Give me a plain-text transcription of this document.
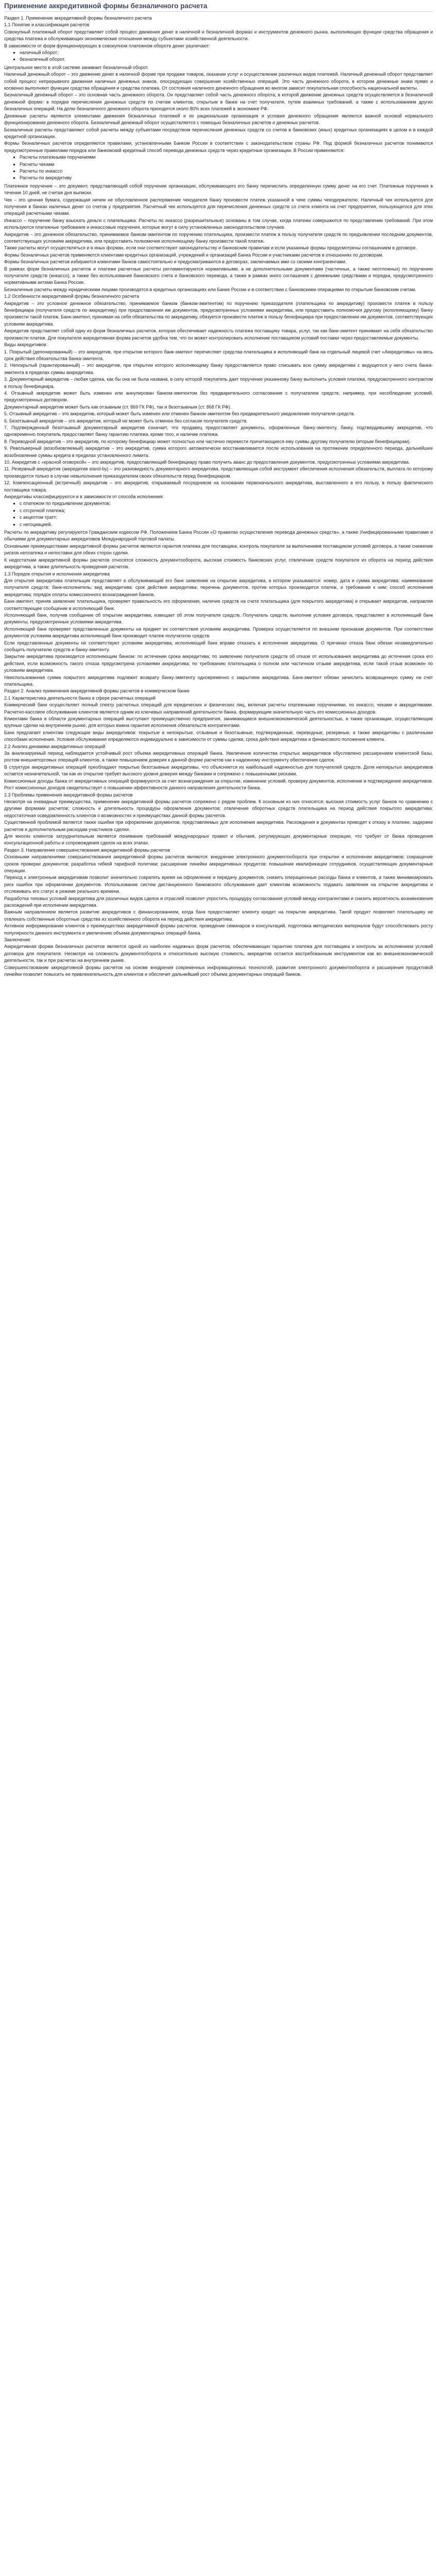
Применение аккредитивной формы безналичного расчета

Раздел 1. Применение аккредитивной формы безналичного расчета

1.1 Понятие и классификация расчетов

Совокупный платежный оборот представляет собой процесс движения денег в наличной и безналичной формах и инструментов денежного рынка, выполняющих функции средства обращения и средства платежа и обслуживающих экономические отношения между субъектами хозяйственной деятельности.

В зависимости от форм функционирующих в совокупном платежном обороте денег различают:

▪ наличный оборот;
▪ безналичный оборот.

Центральное место в этой системе занимает безналичный оборот.

Наличный денежный оборот – это движение денег в наличной форме при продаже товаров, оказании услуг и осуществлении различных видов платежей. Наличный денежный оборот представляет собой процесс непрерывного движения наличных денежных знаков, опосредующих совершение хозяйственных операций. Это часть денежного оборота, в котором денежные знаки прямо и косвенно выполняют функции средства обращения и средства платежа. От состояния наличного денежного обращения во многом зависит покупательная способность национальной валюты.

Безналичный денежный оборот – это основная часть денежного оборота. Он представляет собой часть денежного оборота, в которой движение денежных средств осуществляется в безналичной денежной форме: в порядке перечисления денежных средств по счетам клиентов, открытым в банке на счет получателя, путем взаимных требований, а также с использованием других безналичных операций. На долю безналичного денежного оборота приходится около 80% всех платежей в экономике РФ.

Денежные расчеты являются элементами движения безналичных платежей и их рациональная организация и условия денежного обращения являются важной основой нормального функционирования денежного оборота. Безналичный денежный оборот осуществляется с помощью безналичных расчетов и денежных расчетов.

Безналичные расчеты представляют собой расчеты между субъектами посредством перечисления денежных средств со счетов в банковских (иных) кредитных организациях в целом и в каждой кредитной организации.

Формы безналичных расчетов определяются правилами, установленными Банком России в соответствии с законодательством страны РФ. Под формой безналичных расчетов понимаются предусмотренные правилами порядок или банковский кредитный способ перевода денежных средств через кредитные организации. В России применяются:

▪ Расчеты платежными поручениями
▪ Расчеты чеками
▪ Расчеты по инкассо
▪ Расчеты по аккредитиву

Платежное поручение – это документ, представляющий собой поручение организации, обслуживающего его банку перечислить определенную сумму денег на его счет. Платежные поручения в течение 10 дней, не считая дня выписки.

Чек – это ценная бумага, содержащая ничем не обусловленное распоряжение чекодателя банку произвести платеж указанной в чеке суммы чекодержателю. Наличный чек используется для получения в банках наличных денег со счетов у предприятия. Расчетный чек используется для перечисления денежных средств со счета клиента на счет предприятия, пользующегося для этих операций расчетными чеками.

Инкассо – поручение банку взыскать деньги с плательщика. Расчеты по инкассо (разрешительные) основаны в том случае, когда платежи совершаются по представлении требований. При этом используются платежные требования и инкассовые поручения, которые могут в силу установленных законодательством случаев.

Аккредитив – это денежное обязательство, принимаемое банком-эмитентом по поручению плательщика, произвести платеж в пользу получателя средств по предъявлении последним документов, соответствующих условиям аккредитива, или предоставить полномочия исполняющему банку произвести такой платеж.

Также расчеты могут осуществляться и в иных формах, если они соответствуют законодательству и банковским правилам и если указанные формы предусмотрены соглашением в договоре.

Формы безналичных расчетов применяются клиентами кредитных организаций, учреждений и организаций Банка России и участниками расчетов в отношениях по договорам.

Формы безналичных расчетов избираются клиентами банков самостоятельно и предусматриваются в договорах, заключаемых ими со своими контрагентами.

В рамках форм безналичных расчетов и платежи расчетные расчеты регламентируются нормативными, а не дополнительными документами (частичных, а также неотложных) по поручению получателя средств (инкассо), а также без использования банковского счета и банковского перевода, а также в рамках иного соглашения с денежными средствами и порядка, предусмотренного нормативными актами Банка России.

Безналичные расчеты между юридическими лицами производятся в кредитных организациях или Банке России и в соответствии с банковскими операциями по открытым банковским счетам.

1.2 Особенности аккредитивной формы безналичного расчета

Аккредитив – это условное денежное обязательство, принимаемое банком (банком-эмитентом) по поручению приказодателя (плательщика по аккредитиву) произвести платеж в пользу бенефициара (получателя средств по аккредитиву) при предоставлении им документов, предусмотренных условиями аккредитива, или предоставить полномочия другому (исполняющему) банку произвести такой платеж. Банк-эмитент, принимая на себя обязательства по аккредитиву, обязуется произвести платеж в пользу бенефициара при предоставлении им документов, соответствующих условиям аккредитива.

Аккредитив представляет собой одну из форм безналичных расчетов, которая обеспечивает надежность платежа поставщику товара, услуг, так как банк-эмитент принимает на себя обязательство произвести платеж. Для покупателя аккредитивная форма расчетов удобна тем, что он может контролировать исполнение поставщиком условий поставки через предоставляемые документы.

Виды аккредитивов:

1. Покрытый (депонированный) – это аккредитив, при открытии которого банк-эмитент перечисляет средства плательщика в исполняющий банк на отдельный лицевой счет «Аккредитивы» на весь срок действия обязательства банка-эмитента.

2. Непокрытый (гарантированный) – это аккредитив, при открытии которого исполняющему банку предоставляется право списывать всю сумму аккредитива с ведущегося у него счета банка-эмитента в пределах суммы аккредитива.

3. Документарный аккредитив – любая сделка, как бы она ни была названа, в силу которой покупатель дает поручение указанному банку выполнить условия платежа, предусмотренного контрактом в пользу бенефициара.

4. Отзывный аккредитив может быть изменен или аннулирован банком-эмитентом без предварительного согласования с получателем средств, например, при несоблюдении условий, предусмотренных договором.

Документарный аккредитив может быть как отзывным (ст. 869 ГК РФ), так и безотзывным (ст. 868 ГК РФ).

5. Отзывный аккредитив – это аккредитив, который может быть изменен или отменен банком-эмитентом без предварительного уведомления получателя средств.

6. Безотзывный аккредитив – это аккредитив, который не может быть отменен без согласия получателя средств.

7. Подтвержденный безотзывный документарный аккредитив означает, что продавец предоставляет документы, оформленные банку-эмитенту, банку, подтвердившему аккредитив, что одновременно покупатель предоставляет банку гарантию платежа, кроме того, и наличие платежа.

8. Переводной аккредитив – это аккредитив, по которому бенефициар может полностью или частично перевести причитающиеся ему суммы другому получателю (вторым бенефициарам).

9. Револьверный (возобновляемый) аккредитив – это аккредитив, сумма которого автоматически восстанавливается после использования на протяжении определенного периода, дальнейшее возобновление суммы кредита в пределах установленного лимита.

10. Аккредитив с «красной оговоркой» – это аккредитив, предоставляющий бенефициару право получить аванс до предоставления документов, предусмотренных условиями аккредитива.

11. Резервный аккредитив (аккредитив stand-by) – это разновидность документарного аккредитива, представляющая собой инструмент обеспечения исполнения обязательств, выплата по которому производится только в случае невыполнения приказодателем своих обязательств перед бенефициаром.

12. Компенсационный (встречный) аккредитив – это аккредитив, открываемый посредником на основании первоначального аккредитива, выставленного в его пользу, в пользу фактического поставщика товара.

Аккредитивы классифицируются и в зависимости от способа исполнения:

▪ с платежом по предъявлении документов;
▪ с отсрочкой платежа;
▪ с акцептом тратт;
▪ с негоциацией.

Расчеты по аккредитиву регулируются Гражданским кодексом РФ, Положением Банка России «О правилах осуществления перевода денежных средств», а также Унифицированными правилами и обычаями для документарных аккредитивов Международной торговой палаты.

Основными преимуществами аккредитивной формы расчетов являются гарантия платежа для поставщика, контроль покупателя за выполнением поставщиком условий договора, а также снижение рисков неплатежа и непоставки для обеих сторон сделки.

К недостаткам аккредитивной формы расчетов относятся сложность документооборота, высокая стоимость банковских услуг, отвлечение средств покупателя из оборота на период действия аккредитива, а также длительность проведения расчетов.

1.3 Порядок открытия и исполнения аккредитива

Для открытия аккредитива плательщик представляет в обслуживающий его банк заявление на открытие аккредитива, в котором указываются: номер, дата и сумма аккредитива; наименование получателя средств; банк-исполнитель; вид аккредитива; срок действия аккредитива; перечень документов, против которых производится платеж, и требования к ним; способ исполнения аккредитива; порядок оплаты комиссионного вознаграждения банков.

Банк-эмитент, приняв заявление плательщика, проверяет правильность его оформления, наличие средств на счете плательщика (для покрытого аккредитива) и открывает аккредитив, направляя соответствующее сообщение в исполняющий банк.

Исполняющий банк, получив сообщение об открытии аккредитива, извещает об этом получателя средств. Получатель средств, выполнив условия договора, представляет в исполняющий банк документы, предусмотренные условиями аккредитива.

Исполняющий банк проверяет представленные документы на предмет их соответствия условиям аккредитива. Проверка осуществляется по внешним признакам документов. При соответствии документов условиям аккредитива исполняющий банк производит платеж получателю средств.

Если представленные документы не соответствуют условиям аккредитива, исполняющий банк вправе отказать в исполнении аккредитива. О причинах отказа банк обязан незамедлительно сообщить получателю средств и банку-эмитенту.

Закрытие аккредитива производится исполняющим банком: по истечении срока аккредитива; по заявлению получателя средств об отказе от использования аккредитива до истечения срока его действия, если возможность такого отказа предусмотрена условиями аккредитива; по требованию плательщика о полном или частичном отзыве аккредитива, если такой отзыв возможен по условиям аккредитива.

Неиспользованная сумма покрытого аккредитива подлежит возврату банку-эмитенту одновременно с закрытием аккредитива. Банк-эмитент обязан зачислить возвращенную сумму на счет плательщика.

Раздел 2. Анализ применения аккредитивной формы расчетов в коммерческом банке

2.1 Характеристика деятельности банка в сфере расчетных операций

Коммерческий банк осуществляет полный спектр расчетных операций для юридических и физических лиц, включая расчеты платежными поручениями, по инкассо, чеками и аккредитивами. Расчетно-кассовое обслуживание клиентов является одним из ключевых направлений деятельности банка, формирующим значительную часть его комиссионных доходов.

Клиентами банка в области документарных операций выступают преимущественно предприятия, занимающиеся внешнеэкономической деятельностью, а также организации, осуществляющие крупные сделки на внутреннем рынке, для которых важна гарантия исполнения обязательств контрагентами.

Банк предлагает клиентам следующие виды аккредитивов: покрытые и непокрытые, отзывные и безотзывные, подтвержденные, переводные, резервные, а также аккредитивы с различными способами исполнения. Условия обслуживания определяются индивидуально в зависимости от суммы сделки, срока действия аккредитива и финансового положения клиента.

2.2 Анализ динамики аккредитивных операций

За анализируемый период наблюдается устойчивый рост объема аккредитивных операций банка. Увеличение количества открытых аккредитивов обусловлено расширением клиентской базы, ростом внешнеторговых операций клиентов, а также повышением доверия к данной форме расчетов как к надежному инструменту обеспечения сделок.

В структуре аккредитивных операций преобладают покрытые безотзывные аккредитивы, что объясняется их наибольшей надежностью для получателей средств. Доля непокрытых аккредитивов остается незначительной, так как их открытие требует высокого уровня доверия между банками и сопряжено с повышенными рисками.

Комиссионные доходы банка от аккредитивных операций формируются за счет вознаграждения за открытие, изменение условий, проверку документов, исполнение и подтверждение аккредитивов. Рост комиссионных доходов свидетельствует о повышении эффективности данного направления деятельности банка.

2.3 Проблемы применения аккредитивной формы расчетов

Несмотря на очевидные преимущества, применение аккредитивной формы расчетов сопряжено с рядом проблем. К основным из них относятся: высокая стоимость услуг банков по сравнению с другими формами расчетов; сложность и длительность процедуры оформления документов; отвлечение оборотных средств плательщика на период действия покрытого аккредитива; недостаточная осведомленность клиентов о возможностях и преимуществах данной формы расчетов.

Существенной проблемой является также ошибки при оформлении документов, представляемых для исполнения аккредитива. Расхождения в документах приводят к отказу в платеже, задержке расчетов и дополнительным расходам участников сделки.

Для многих клиентов затруднительным является понимание требований международных правил и обычаев, регулирующих документарные операции, что требует от банка проведения консультационной работы и сопровождения сделок на всех этапах.

Раздел 3. Направления совершенствования аккредитивной формы расчетов

Основными направлениями совершенствования аккредитивной формы расчетов являются: внедрение электронного документооборота при открытии и исполнении аккредитивов; сокращение сроков проверки документов; разработка гибкой тарифной политики; расширение линейки аккредитивных продуктов; повышение квалификации сотрудников, осуществляющих документарные операции.

Переход к электронным аккредитивам позволит значительно сократить время на оформление и передачу документов, снизить операционные расходы банка и клиентов, а также минимизировать риск ошибок при оформлении документов. Использование систем дистанционного банковского обслуживания дает клиентам возможность подавать заявления на открытие аккредитива и отслеживать его статус в режиме реального времени.

Разработка типовых условий аккредитива для различных видов сделок и отраслей позволит упростить процедуру согласования условий между контрагентами и снизить вероятность возникновения расхождений при исполнении аккредитива.

Важным направлением является развитие аккредитивов с финансированием, когда банк предоставляет клиенту кредит на покрытие аккредитива. Такой продукт позволяет плательщику не отвлекать собственные оборотные средства из хозяйственного оборота на период действия аккредитива.

Активное информирование клиентов о преимуществах аккредитивной формы расчетов, проведение семинаров и консультаций, подготовка методических материалов будут способствовать росту популярности данного инструмента и увеличению объема документарных операций банка.

Заключение

Аккредитивная форма безналичных расчетов является одной из наиболее надежных форм расчетов, обеспечивающих гарантию платежа для поставщика и контроль за исполнением условий договора для покупателя. Несмотря на сложность документооборота и относительно высокую стоимость, аккредитив остается востребованным инструментом как во внешнеэкономической деятельности, так и при расчетах на внутреннем рынке.

Совершенствование аккредитивной формы расчетов на основе внедрения современных информационных технологий, развития электронного документооборота и расширения продуктовой линейки позволит повысить ее привлекательность для клиентов и обеспечит дальнейший рост объема документарных операций банков.
